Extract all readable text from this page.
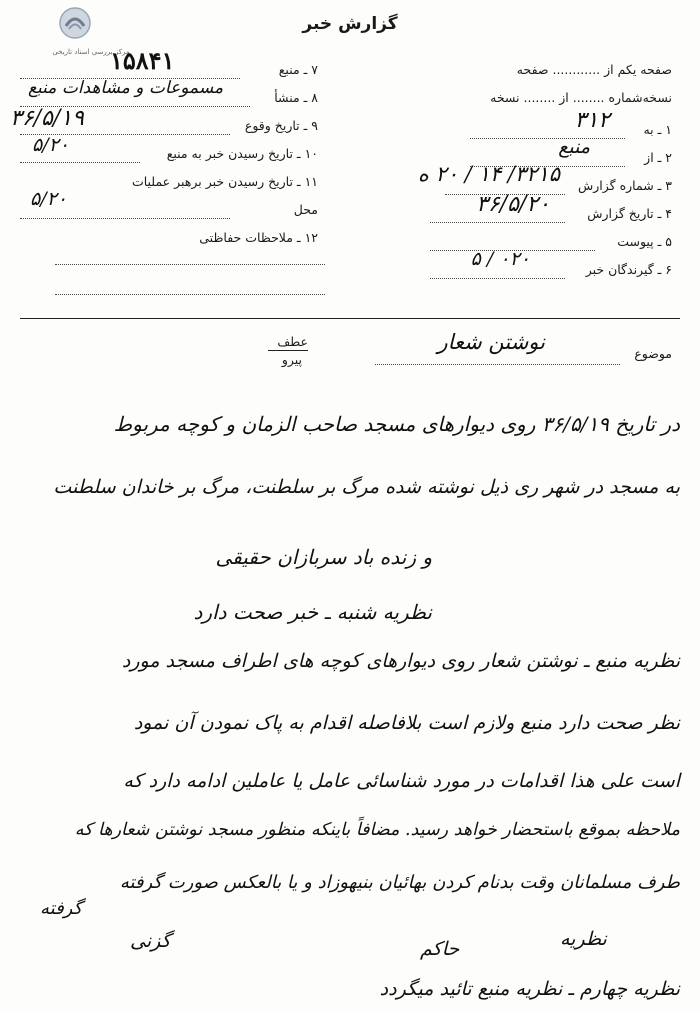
مرکز بررسی اسناد تاریخی
گزارش خبر
صفحه یکم از ............ صفحه
نسخه‌شماره ........ از ........ نسخه
۱ ـ به
۳۱۲
۲ ـ از
منبع
۳ ـ شماره گزارش
۳۲۱۵/ ۱۴ / ۲۰ ه
۴ ـ تاریخ گزارش
۳۶/۵/۲۰
۵ ـ پیوست
۶ ـ گیرندگان خبر
۰۲۰ / ۵
۷ ـ منبع
۱۵۸۴۱
۸ ـ منشأ
مسموعات و مشاهدات منبع
۹ ـ تاریخ وقوع
۳۶/۵/۱۹
۱۰ ـ تاریخ رسیدن خبر به منبع
۵/۲۰
۱۱ ـ تاریخ رسیدن خبر برهبر عملیات
محل
۵/۲۰
۱۲ ـ ملاحظات حفاظتی
عطف
پیرو	موضوع
نوشتن شعار
در تاریخ ۳۶/۵/۱۹ روی دیوارهای مسجد صاحب الزمان و کوچه مربوط
به مسجد در شهر ری ذیل نوشته شده مرگ بر سلطنت، مرگ بر خاندان سلطنت
و زنده باد سربازان حقیقی
نظریه شنبه ـ خبر صحت دارد
نظریه منبع ـ نوشتن شعار روی دیوارهای کوچه های اطراف مسجد مورد
نظر صحت دارد منبع ولازم است بلافاصله اقدام به پاک نمودن آن نمود
است علی هذا اقدامات در مورد شناسائی عامل یا عاملین ادامه دارد که
ملاحظه بموقع باستحضار خواهد رسید. مضافاً باینکه منظور مسجد نوشتن شعارها که
طرف مسلمانان وقت بدنام کردن بهائیان بنیهوزاد و یا بالعکس صورت گرفته
گرفته
نظریه
حاکم
گزنی
نظریه چهارم ـ نظریه منبع تائید میگردد
